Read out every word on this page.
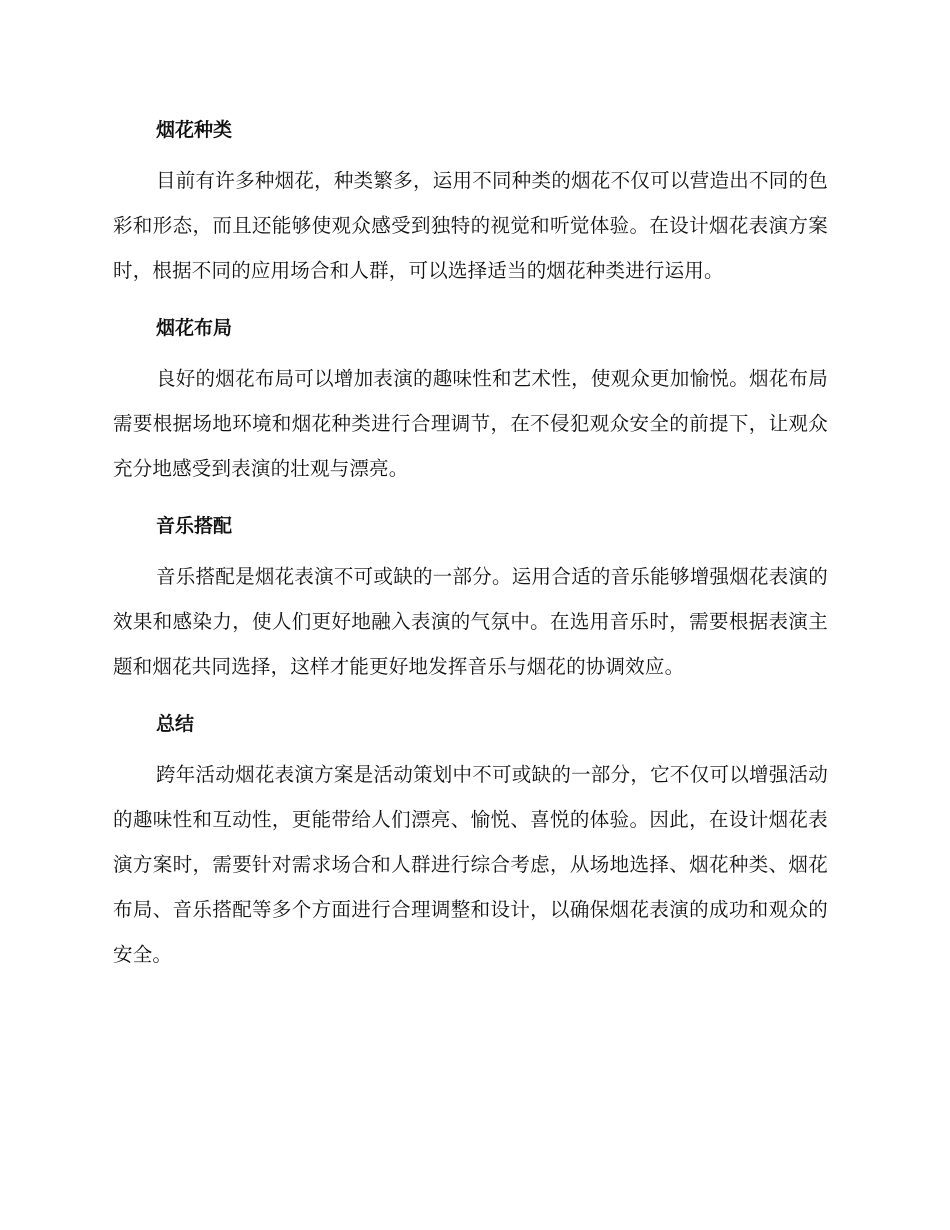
烟花种类

目前有许多种烟花，种类繁多，运用不同种类的烟花不仅可以营造出不同的色彩和形态，而且还能够使观众感受到独特的视觉和听觉体验。在设计烟花表演方案时，根据不同的应用场合和人群，可以选择适当的烟花种类进行运用。

烟花布局

良好的烟花布局可以增加表演的趣味性和艺术性，使观众更加愉悦。烟花布局需要根据场地环境和烟花种类进行合理调节，在不侵犯观众安全的前提下，让观众充分地感受到表演的壮观与漂亮。

音乐搭配

音乐搭配是烟花表演不可或缺的一部分。运用合适的音乐能够增强烟花表演的效果和感染力，使人们更好地融入表演的气氛中。在选用音乐时，需要根据表演主题和烟花共同选择，这样才能更好地发挥音乐与烟花的协调效应。

总结

跨年活动烟花表演方案是活动策划中不可或缺的一部分，它不仅可以增强活动的趣味性和互动性，更能带给人们漂亮、愉悦、喜悦的体验。因此，在设计烟花表演方案时，需要针对需求场合和人群进行综合考虑，从场地选择、烟花种类、烟花布局、音乐搭配等多个方面进行合理调整和设计，以确保烟花表演的成功和观众的安全。
